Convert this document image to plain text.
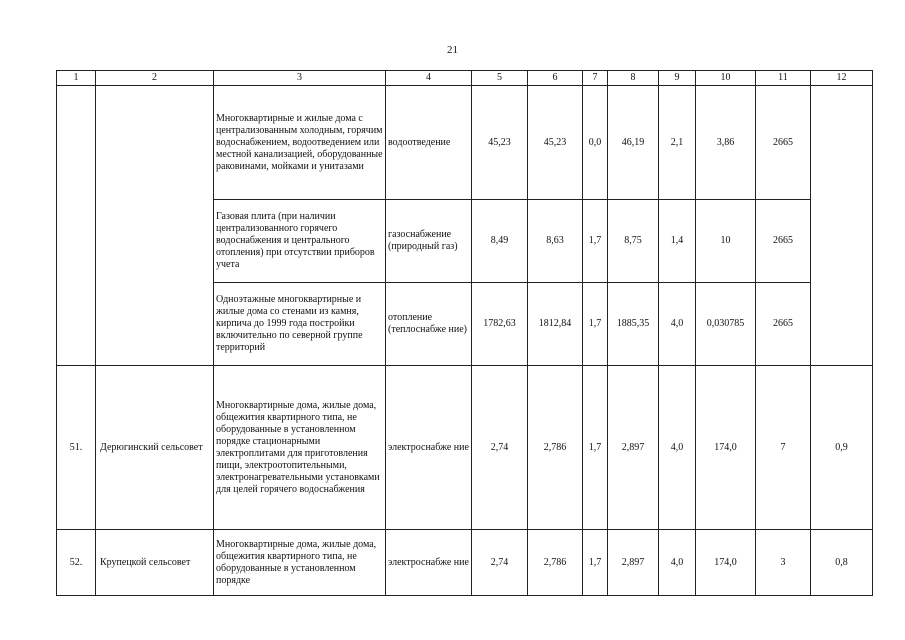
21
1	2	3	4	5	6	7	8	9	10	11	12
		Многоквартирные и жилые дома с централизованным холодным, горячим водоснабжением, водоотведением или местной канализацией, оборудованные раковинами, мойками и унитазами	водоотведение	45,23	45,23	0,0	46,19	2,1	3,86	2665	
		Газовая плита (при наличии централизованного горячего водоснабжения и центрального отопления) при отсутствии приборов учета	газоснабжение (природный газ)	8,49	8,63	1,7	8,75	1,4	10	2665	
		Одноэтажные многоквартирные и жилые дома со стенами из камня, кирпича до 1999 года постройки включительно по северной группе территорий	отопление (теплоснабже ние)	1782,63	1812,84	1,7	1885,35	4,0	0,030785	2665	
51.	Дерюгинский сельсовет	Многоквартирные дома, жилые дома, общежития квартирного типа, не оборудованные в установленном порядке стационарными электроплитами для приготовления пищи, электроотопительными, электронагревательными установками для целей горячего водоснабжения	электроснабже ние	2,74	2,786	1,7	2,897	4,0	174,0	7	0,9
52.	Крупецкой сельсовет	Многоквартирные дома, жилые дома, общежития квартирного типа, не оборудованные в установленном порядке	электроснабже ние	2,74	2,786	1,7	2,897	4,0	174,0	3	0,8
